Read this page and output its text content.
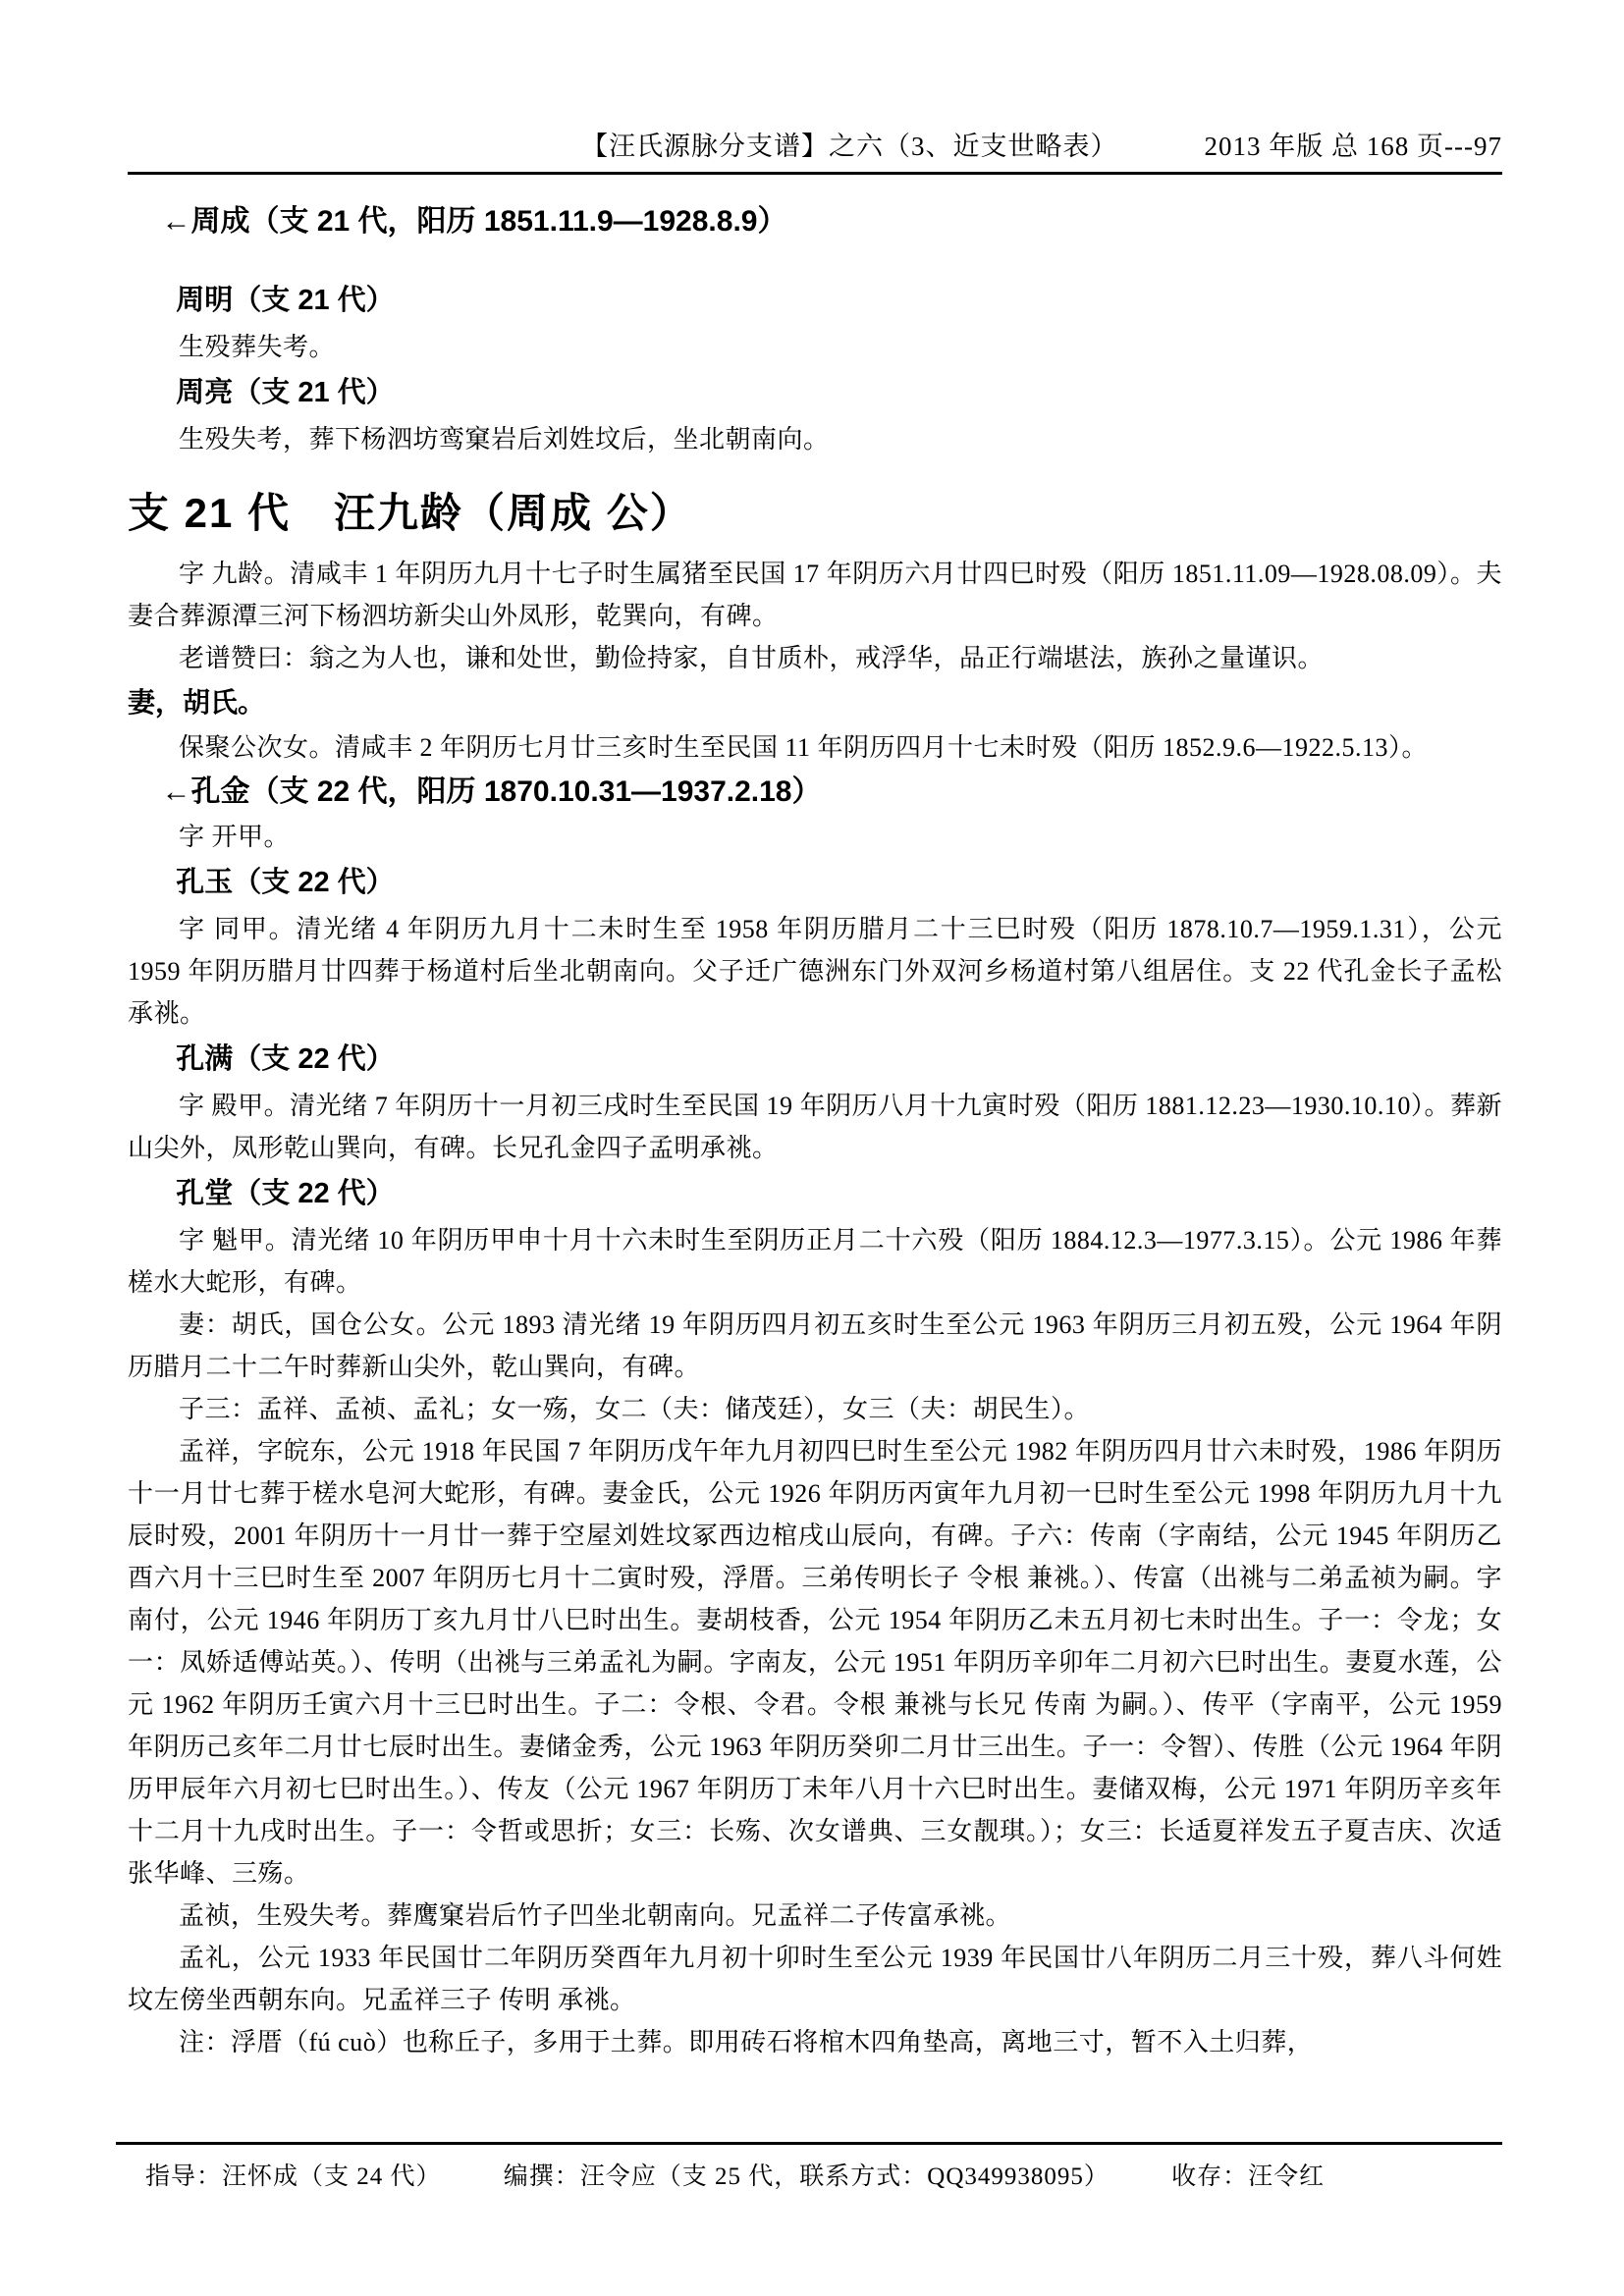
【汪氏源脉分支谱】之六（3、近支世略表）	2013 年版 总 168 页---97

←周成（支 21 代，阳历 1851.11.9—1928.8.9）

周明（支 21 代）

生殁葬失考。

周亮（支 21 代）

生殁失考，葬下杨泗坊鸾窠岩后刘姓坟后，坐北朝南向。

支 21 代　汪九龄（周成 公）

字 九龄。清咸丰 1 年阴历九月十七子时生属猪至民国 17 年阴历六月廿四巳时殁（阳历 1851.11.09—1928.08.09）。夫妻合葬源潭三河下杨泗坊新尖山外凤形，乾巽向，有碑。

老谱赞曰：翁之为人也，谦和处世，勤俭持家，自甘质朴，戒浮华，品正行端堪法，族孙之量谨识。

妻，胡氏。

保聚公次女。清咸丰 2 年阴历七月廿三亥时生至民国 11 年阴历四月十七未时殁（阳历 1852.9.6—1922.5.13）。

←孔金（支 22 代，阳历 1870.10.31—1937.2.18）

字 开甲。

孔玉（支 22 代）

字 同甲。清光绪 4 年阴历九月十二未时生至 1958 年阴历腊月二十三巳时殁（阳历 1878.10.7—1959.1.31），公元 1959 年阴历腊月廿四葬于杨道村后坐北朝南向。父子迁广德洲东门外双河乡杨道村第八组居住。支 22 代孔金长子孟松承祧。

孔满（支 22 代）

字 殿甲。清光绪 7 年阴历十一月初三戌时生至民国 19 年阴历八月十九寅时殁（阳历 1881.12.23—1930.10.10）。葬新山尖外，凤形乾山巽向，有碑。长兄孔金四子孟明承祧。

孔堂（支 22 代）

字 魁甲。清光绪 10 年阴历甲申十月十六未时生至阴历正月二十六殁（阳历 1884.12.3—1977.3.15）。公元 1986 年葬槎水大蛇形，有碑。

妻：胡氏，国仓公女。公元 1893 清光绪 19 年阴历四月初五亥时生至公元 1963 年阴历三月初五殁，公元 1964 年阴历腊月二十二午时葬新山尖外，乾山巽向，有碑。

子三：孟祥、孟祯、孟礼；女一殇，女二（夫：储茂廷），女三（夫：胡民生）。

孟祥，字皖东，公元 1918 年民国 7 年阴历戊午年九月初四巳时生至公元 1982 年阴历四月廿六未时殁，1986 年阴历十一月廿七葬于槎水皂河大蛇形，有碑。妻金氏，公元 1926 年阴历丙寅年九月初一巳时生至公元 1998 年阴历九月十九辰时殁，2001 年阴历十一月廿一葬于空屋刘姓坟冢西边棺戌山辰向，有碑。子六：传南（字南结，公元 1945 年阴历乙酉六月十三巳时生至 2007 年阴历七月十二寅时殁，浮厝。三弟传明长子 令根 兼祧。）、传富（出祧与二弟孟祯为嗣。字南付，公元 1946 年阴历丁亥九月廿八巳时出生。妻胡枝香，公元 1954 年阴历乙未五月初七未时出生。子一：令龙；女一：凤娇适傅站英。）、传明（出祧与三弟孟礼为嗣。字南友，公元 1951 年阴历辛卯年二月初六巳时出生。妻夏水莲，公元 1962 年阴历壬寅六月十三巳时出生。子二：令根、令君。令根 兼祧与长兄 传南 为嗣。）、传平（字南平，公元 1959 年阴历己亥年二月廿七辰时出生。妻储金秀，公元 1963 年阴历癸卯二月廿三出生。子一：令智）、传胜（公元 1964 年阴历甲辰年六月初七巳时出生。）、传友（公元 1967 年阴历丁未年八月十六巳时出生。妻储双梅，公元 1971 年阴历辛亥年十二月十九戌时出生。子一：令哲或思折；女三：长殇、次女谱典、三女靓琪。）；女三：长适夏祥发五子夏吉庆、次适张华峰、三殇。

孟祯，生殁失考。葬鹰窠岩后竹子凹坐北朝南向。兄孟祥二子传富承祧。

孟礼，公元 1933 年民国廿二年阴历癸酉年九月初十卯时生至公元 1939 年民国廿八年阴历二月三十殁，葬八斗何姓坟左傍坐西朝东向。兄孟祥三子 传明 承祧。

注：浮厝（fú cuò）也称丘子，多用于土葬。即用砖石将棺木四角垫高，离地三寸，暂不入土归葬，

指导：汪怀成（支 24 代）	编撰：汪令应（支 25 代，联系方式：QQ349938095）	收存：汪令红
